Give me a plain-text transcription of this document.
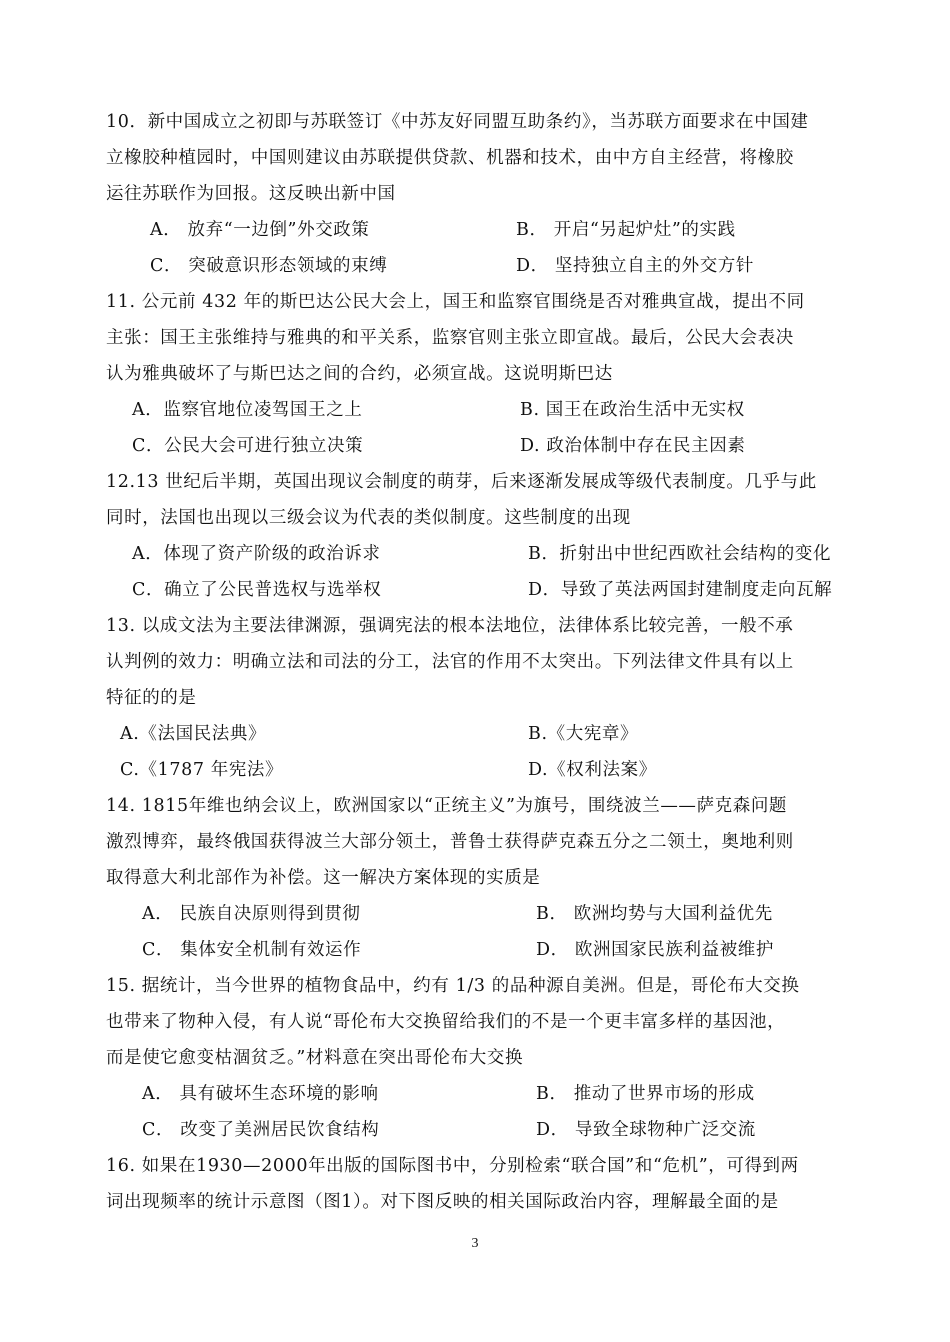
10．新中国成立之初即与苏联签订《中苏友好同盟互助条约》，当苏联方面要求在中国建
立橡胶种植园时，中国则建议由苏联提供贷款、机器和技术，由中方自主经营，将橡胶
运往苏联作为回报。这反映出新中国
A． 放弃“一边倒”外交政策	B． 开启“另起炉灶”的实践
C． 突破意识形态领域的束缚	D． 坚持独立自主的外交方针
11. 公元前 432 年的斯巴达公民大会上，国王和监察官围绕是否对雅典宣战，提出不同
主张：国王主张维持与雅典的和平关系，监察官则主张立即宣战。最后，公民大会表决
认为雅典破坏了与斯巴达之间的合约，必须宣战。这说明斯巴达
A．监察官地位凌驾国王之上	B. 国王在政治生活中无实权
C．公民大会可进行独立决策	D. 政治体制中存在民主因素
12.13 世纪后半期，英国出现议会制度的萌芽，后来逐渐发展成等级代表制度。几乎与此
同时，法国也出现以三级会议为代表的类似制度。这些制度的出现
A．体现了资产阶级的政治诉求	B．折射出中世纪西欧社会结构的变化
C．确立了公民普选权与选举权	D．导致了英法两国封建制度走向瓦解
13. 以成文法为主要法律渊源，强调宪法的根本法地位，法律体系比较完善，一般不承
认判例的效力：明确立法和司法的分工，法官的作用不太突出。下列法律文件具有以上
特征的的是
A.《法国民法典》	B.《大宪章》
C.《1787 年宪法》	D.《权利法案》
14. 1815年维也纳会议上，欧洲国家以“正统主义”为旗号，围绕波兰——萨克森问题
激烈博弈，最终俄国获得波兰大部分领土，普鲁士获得萨克森五分之二领土，奥地利则
取得意大利北部作为补偿。这一解决方案体现的实质是
A． 民族自决原则得到贯彻	B． 欧洲均势与大国利益优先
C． 集体安全机制有效运作	D． 欧洲国家民族利益被维护
15. 据统计，当今世界的植物食品中，约有 1/3 的品种源自美洲。但是，哥伦布大交换
也带来了物种入侵，有人说“哥伦布大交换留给我们的不是一个更丰富多样的基因池，
而是使它愈变枯涸贫乏。”材料意在突出哥伦布大交换
A． 具有破坏生态环境的影响	B． 推动了世界市场的形成
C． 改变了美洲居民饮食结构	D． 导致全球物种广泛交流
16. 如果在1930—2000年出版的国际图书中，分别检索“联合国”和“危机”，可得到两
词出现频率的统计示意图（图1）。对下图反映的相关国际政治内容，理解最全面的是
3
